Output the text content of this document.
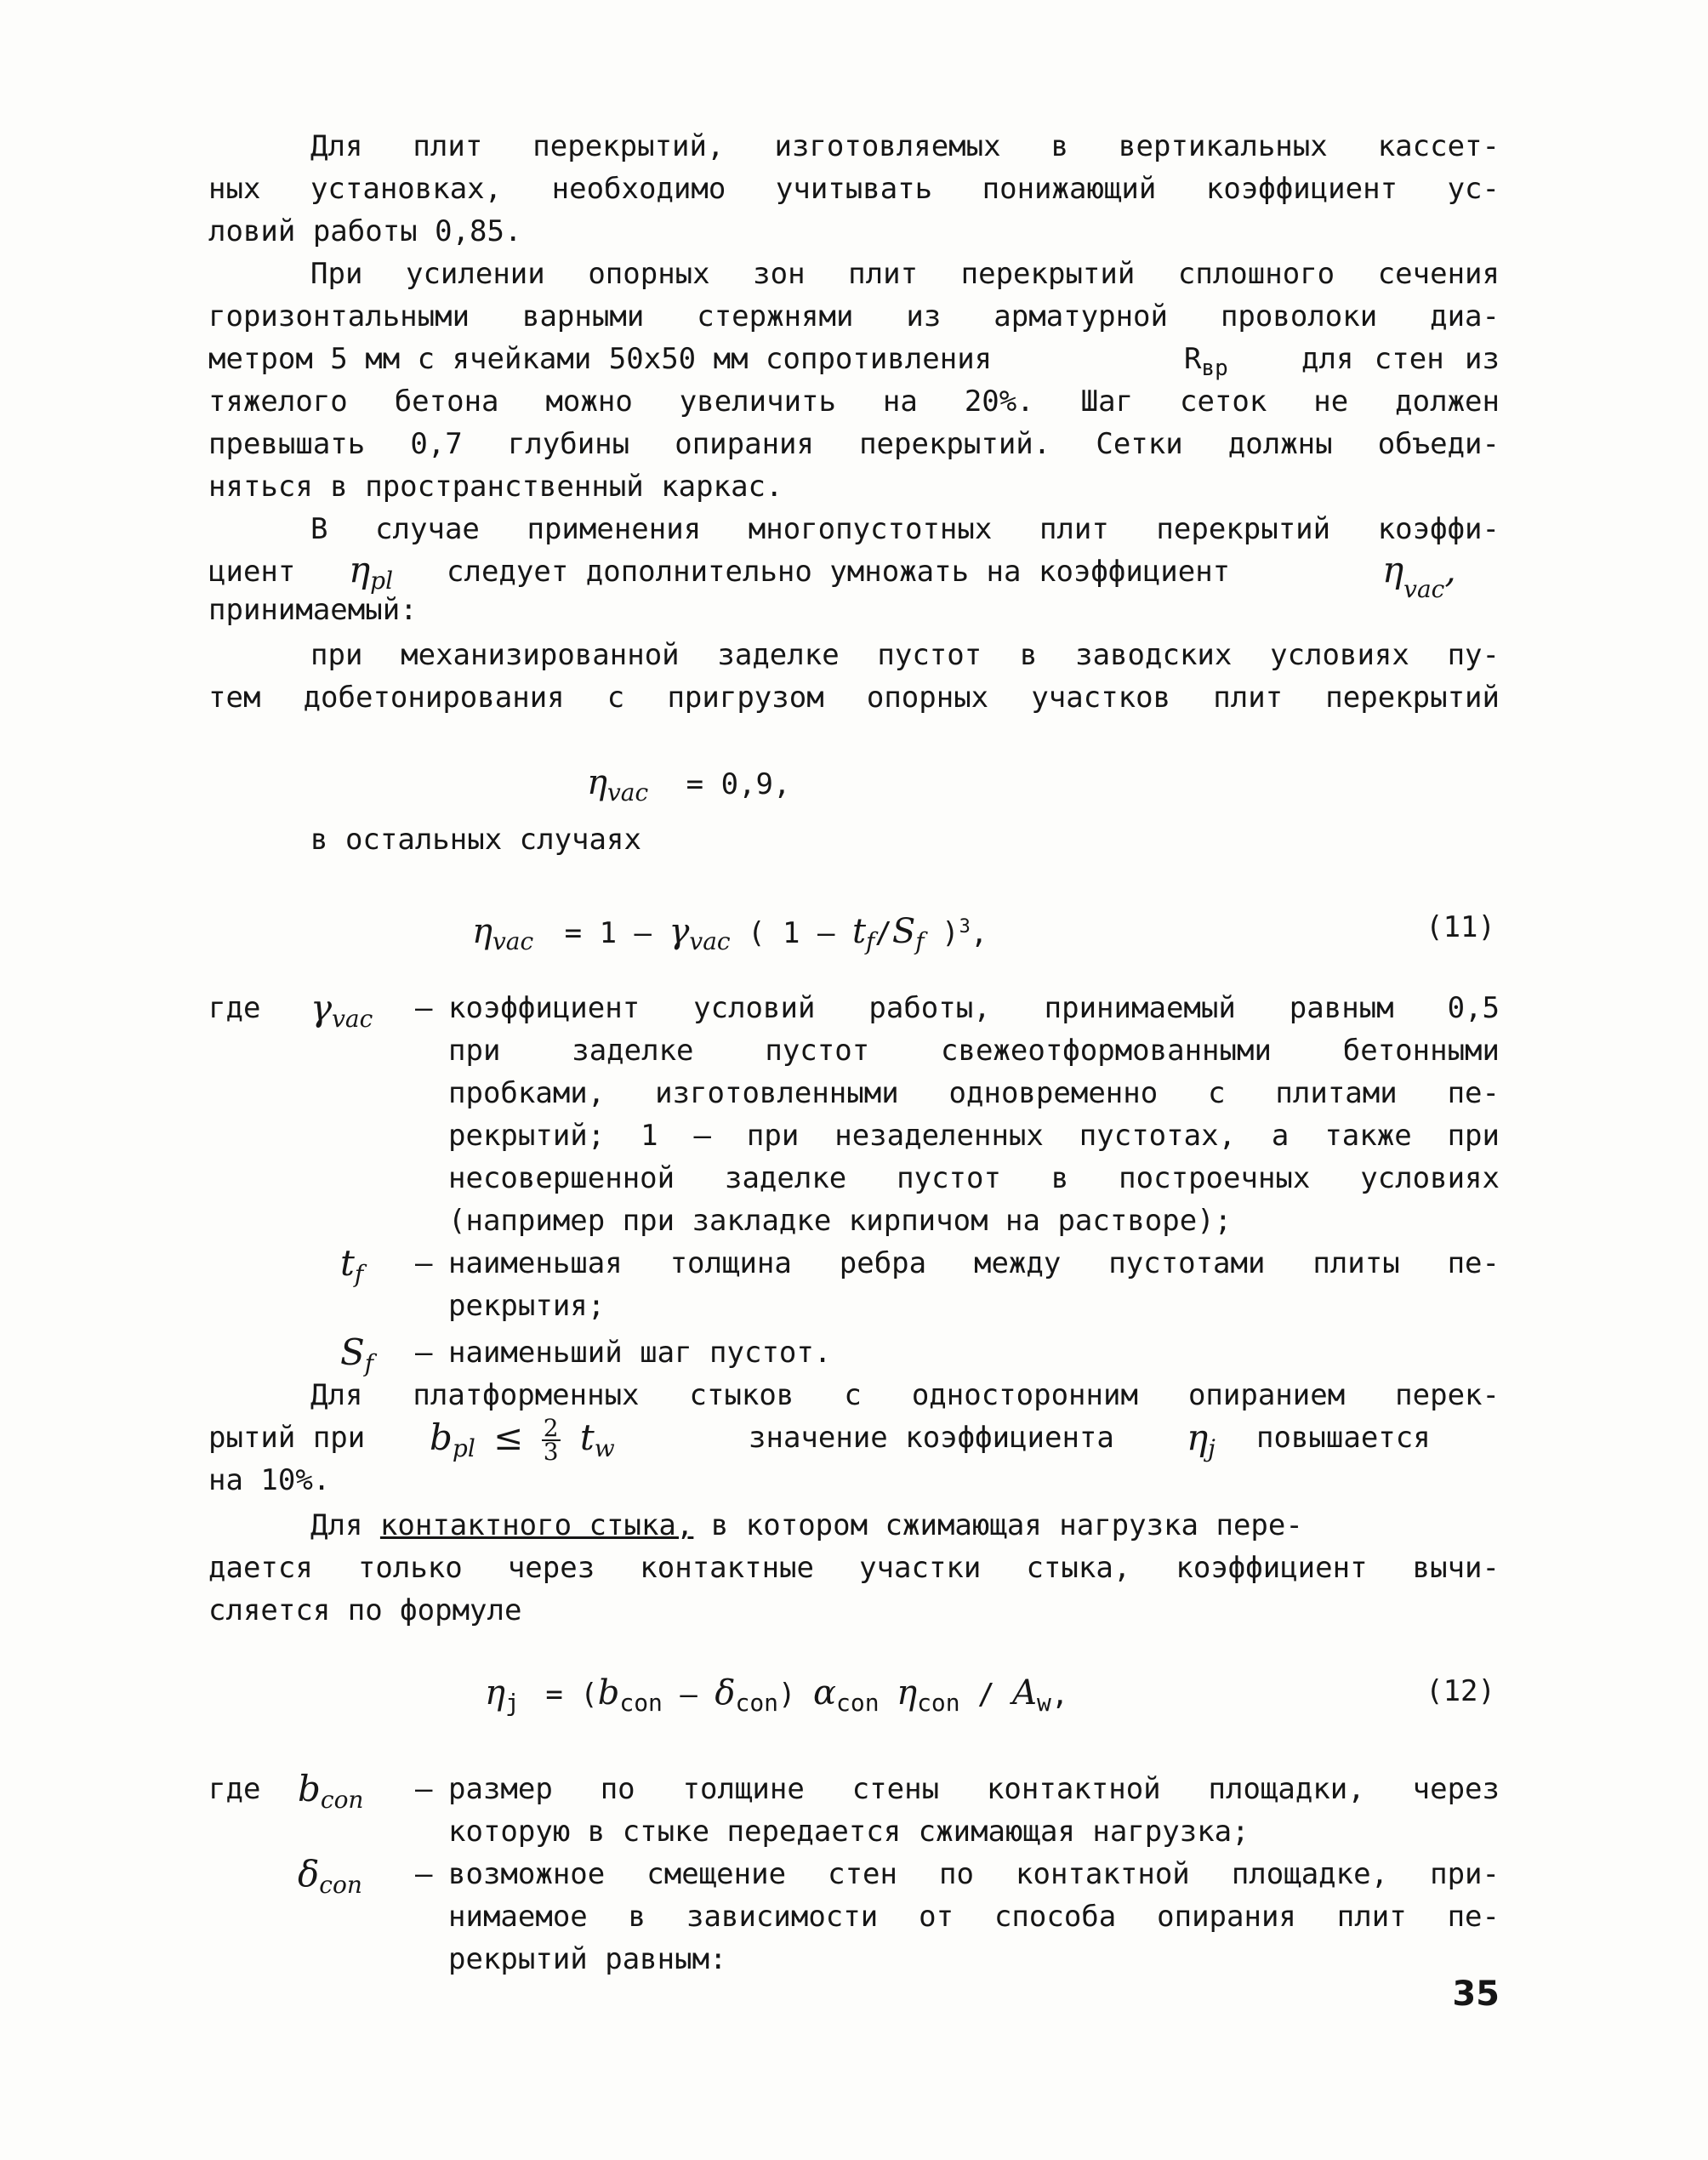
Для плит перекрытий, изготовляемых в вертикальных кассет-
ных установках, необходимо учитывать понижающий коэффициент ус-
ловий работы 0,85.
При усилении опорных зон плит перекрытий сплошного сечения
горизонтальными варными стержнями из арматурной проволоки диа-
метром 5 мм с ячейками 50х50 мм сопротивления	$R_{вр}$	для стен из
тяжелого бетона можно увеличить на 20%. Шаг сеток не должен
превышать 0,7 глубины опирания перекрытий. Сетки должны объеди-
няться в пространственный каркас.
В случае применения многопустотных плит перекрытий коэффи-
циент ηpl следует дополнительно умножать на коэффициент	$\eta_{vac}$,
принимаемый:
при механизированной заделке пустот в заводских условиях пу-
тем добетонирования с пригрузом опорных участков плит перекрытий
$\eta_{vac} = 0,9$,
в остальных случаях
$\eta_{vac} = 1 - \gamma_{vac}$ ( $1 - t_f/S_f$ )$^3$,	(11)
где γvac – коэффициент условий работы, принимаемый равным 0,5
при заделке пустот свежеотформованными бетонными
пробками, изготовленными одновременно с плитами пе-
рекрытий; 1 – при незаделенных пустотах, а также при
несовершенной заделке пустот в построечных условиях
(например при закладке кирпичом на растворе);
tf – наименьшая толщина ребра между пустотами плиты пе-
рекрытия;
Sf – наименьший шаг пустот.
Для платформенных стыков с односторонним опиранием перек-
рытий при bpl ≤ $\frac{2}{3}$ tw	значение коэффициента ηj повышается
на 10%.
Для контактного стыка, в котором сжимающая нагрузка пере-
дается только через контактные участки стыка, коэффициент вычи-
сляется по формуле
$\eta_j = (b_{con} - \delta_{con})$ $\alpha_{con}$ $\eta_{con} / A_w$,	(12)
где bcon – размер по толщине стены контактной площадки, через
которую в стыке передается сжимающая нагрузка;
δcon – возможное смещение стен по контактной площадке, при-
нимаемое в зависимости от способа опирания плит пе-
рекрытий равным:
35
